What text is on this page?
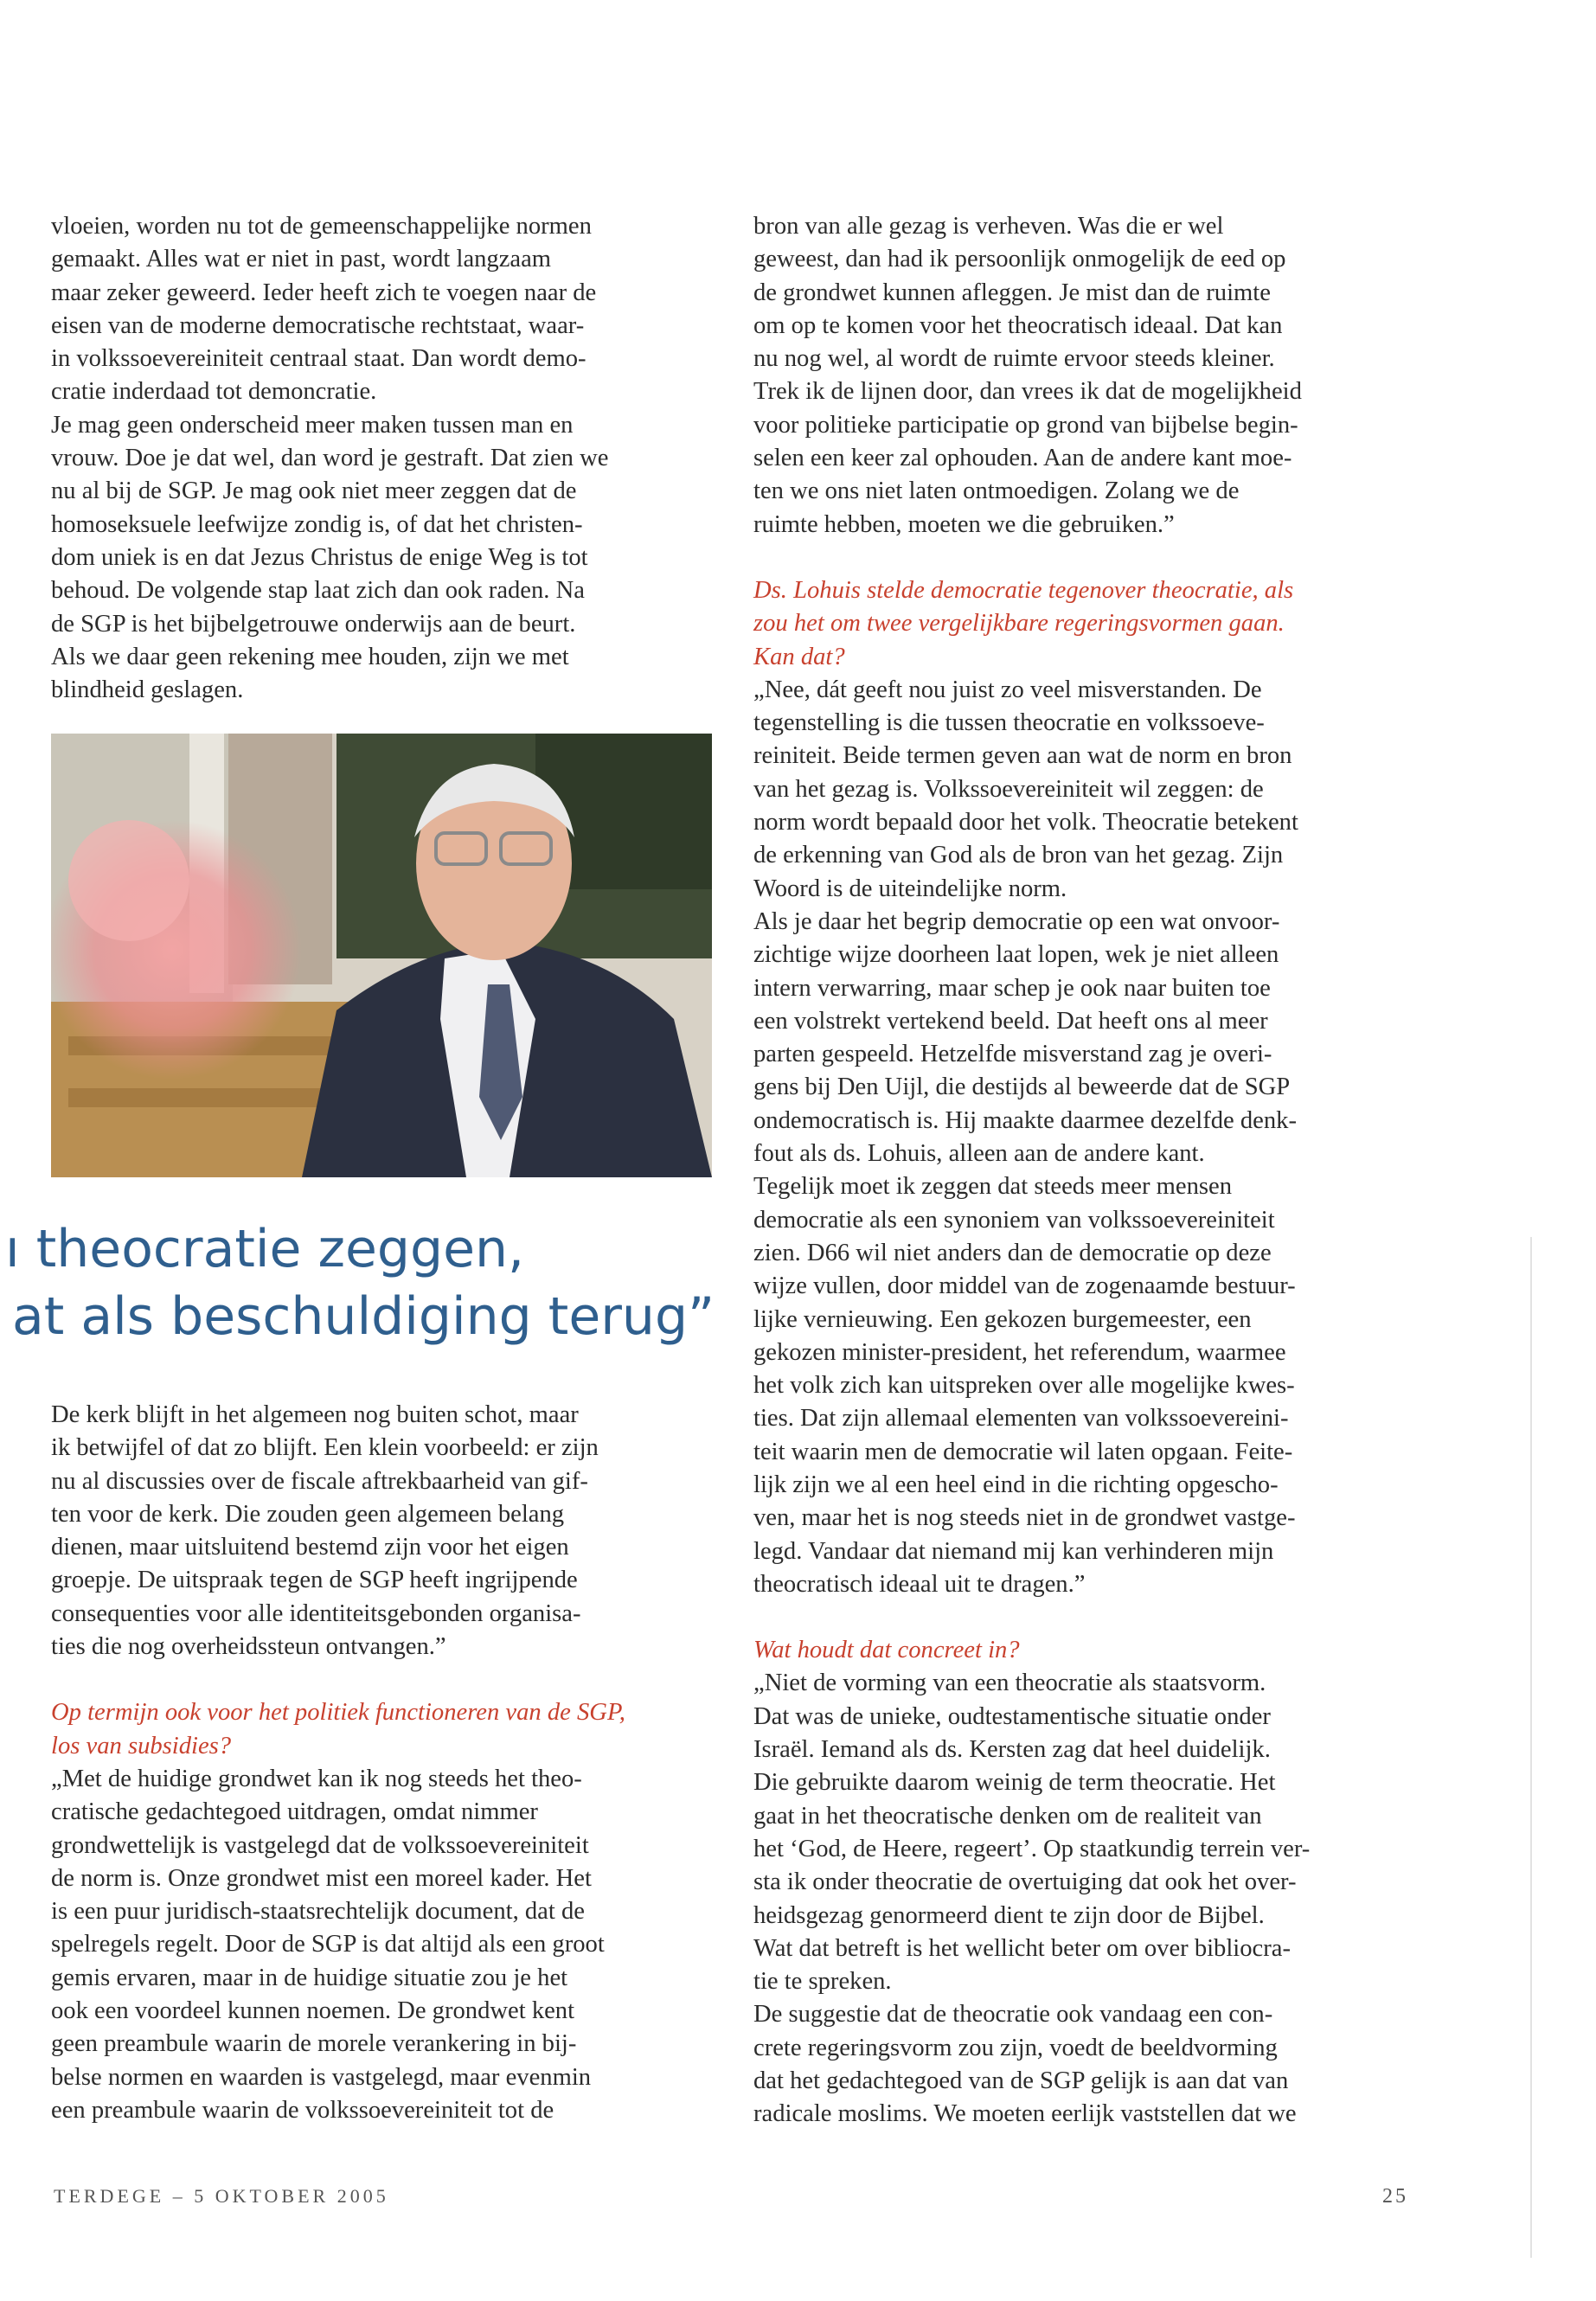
vloeien, worden nu tot de gemeenschappelijke normen

gemaakt. Alles wat er niet in past, wordt langzaam

maar zeker geweerd. Ieder heeft zich te voegen naar de

eisen van de moderne democratische rechtstaat, waar-

in volkssoevereiniteit centraal staat. Dan wordt demo-

cratie inderdaad tot demoncratie.

Je mag geen onderscheid meer maken tussen man en

vrouw. Doe je dat wel, dan word je gestraft. Dat zien we

nu al bij de SGP. Je mag ook niet meer zeggen dat de

homoseksuele leefwijze zondig is, of dat het christen-

dom uniek is en dat Jezus Christus de enige Weg is tot

behoud. De volgende stap laat zich dan ook raden. Na

de SGP is het bijbelgetrouwe onderwijs aan de beurt.

Als we daar geen rekening mee houden, zijn we met

blindheid geslagen.

ı theocratie zeggen,
at als beschuldiging terug”

De kerk blijft in het algemeen nog buiten schot, maar

ik betwijfel of dat zo blijft. Een klein voorbeeld: er zijn

nu al discussies over de fiscale aftrekbaarheid van gif-

ten voor de kerk. Die zouden geen algemeen belang

dienen, maar uitsluitend bestemd zijn voor het eigen

groepje. De uitspraak tegen de SGP heeft ingrijpende

consequenties voor alle identiteitsgebonden organisa-

ties die nog overheidssteun ontvangen.”

Op termijn ook voor het politiek functioneren van de SGP,

los van subsidies?

„Met de huidige grondwet kan ik nog steeds het theo-

cratische gedachtegoed uitdragen, omdat nimmer

grondwettelijk is vastgelegd dat de volkssoevereiniteit

de norm is. Onze grondwet mist een moreel kader. Het

is een puur juridisch-staatsrechtelijk document, dat de

spelregels regelt. Door de SGP is dat altijd als een groot

gemis ervaren, maar in de huidige situatie zou je het

ook een voordeel kunnen noemen. De grondwet kent

geen preambule waarin de morele verankering in bij-

belse normen en waarden is vastgelegd, maar evenmin

een preambule waarin de volkssoevereiniteit tot de

bron van alle gezag is verheven. Was die er wel

geweest, dan had ik persoonlijk onmogelijk de eed op

de grondwet kunnen afleggen. Je mist dan de ruimte

om op te komen voor het theocratisch ideaal. Dat kan

nu nog wel, al wordt de ruimte ervoor steeds kleiner.

Trek ik de lijnen door, dan vrees ik dat de mogelijkheid

voor politieke participatie op grond van bijbelse begin-

selen een keer zal ophouden. Aan de andere kant moe-

ten we ons niet laten ontmoedigen. Zolang we de

ruimte hebben, moeten we die gebruiken.”

Ds. Lohuis stelde democratie tegenover theocratie, als

zou het om twee vergelijkbare regeringsvormen gaan.

Kan dat?

„Nee, dát geeft nou juist zo veel misverstanden. De

tegenstelling is die tussen theocratie en volkssoeve-

reiniteit. Beide termen geven aan wat de norm en bron

van het gezag is. Volkssoevereiniteit wil zeggen: de

norm wordt bepaald door het volk. Theocratie betekent

de erkenning van God als de bron van het gezag. Zijn

Woord is de uiteindelijke norm.

Als je daar het begrip democratie op een wat onvoor-

zichtige wijze doorheen laat lopen, wek je niet alleen

intern verwarring, maar schep je ook naar buiten toe

een volstrekt vertekend beeld. Dat heeft ons al meer

parten gespeeld. Hetzelfde misverstand zag je overi-

gens bij Den Uijl, die destijds al beweerde dat de SGP

ondemocratisch is. Hij maakte daarmee dezelfde denk-

fout als ds. Lohuis, alleen aan de andere kant.

Tegelijk moet ik zeggen dat steeds meer mensen

democratie als een synoniem van volkssoevereiniteit

zien. D66 wil niet anders dan de democratie op deze

wijze vullen, door middel van de zogenaamde bestuur-

lijke vernieuwing. Een gekozen burgemeester, een

gekozen minister-president, het referendum, waarmee

het volk zich kan uitspreken over alle mogelijke kwes-

ties. Dat zijn allemaal elementen van volkssoevereini-

teit waarin men de democratie wil laten opgaan. Feite-

lijk zijn we al een heel eind in die richting opgescho-

ven, maar het is nog steeds niet in de grondwet vastge-

legd. Vandaar dat niemand mij kan verhinderen mijn

theocratisch ideaal uit te dragen.”

Wat houdt dat concreet in?

„Niet de vorming van een theocratie als staatsvorm.

Dat was de unieke, oudtestamentische situatie onder

Israël. Iemand als ds. Kersten zag dat heel duidelijk.

Die gebruikte daarom weinig de term theocratie. Het

gaat in het theocratische denken om de realiteit van

het ‘God, de Heere, regeert’. Op staatkundig terrein ver-

sta ik onder theocratie de overtuiging dat ook het over-

heidsgezag genormeerd dient te zijn door de Bijbel.

Wat dat betreft is het wellicht beter om over bibliocra-

tie te spreken.

De suggestie dat de theocratie ook vandaag een con-

crete regeringsvorm zou zijn, voedt de beeldvorming

dat het gedachtegoed van de SGP gelijk is aan dat van

radicale moslims. We moeten eerlijk vaststellen dat we

TERDEGE – 5 OKTOBER 2005	25
